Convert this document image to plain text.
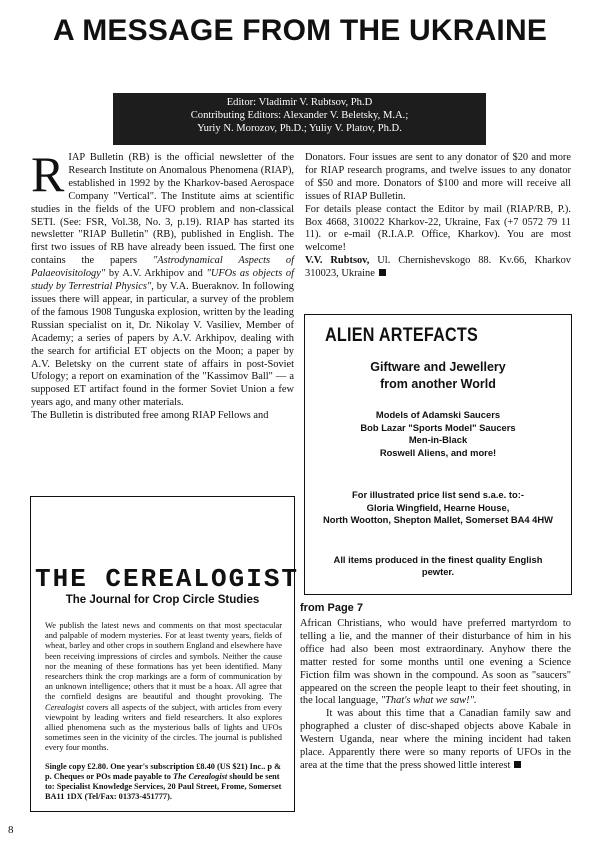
A MESSAGE FROM THE UKRAINE
Editor: Vladimir V. Rubtsov, Ph.D
Contributing Editors: Alexander V. Beletsky, M.A.;
Yuriy N. Morozov, Ph.D.; Yuliy V. Platov, Ph.D.

RIAP Bulletin (RB) is the official newsletter of the Research Institute on Anomalous Phenomena (RIAP), established in 1992 by the Kharkov-based Aerospace Company "Vertical". The Institute aims at scientific studies in the fields of the UFO problem and non-classical SETI. (See: FSR, Vol.38, No. 3, p.19). RIAP has started its newsletter "RIAP Bulletin" (RB), published in English. The first two issues of RB have already been issued. The first one contains the papers "Astrodynamical Aspects of Palaeovisitology" by A.V. Arkhipov and "UFOs as objects of study by Terrestrial Physics", by V.A. Bueraknov. In following issues there will appear, in particular, a survey of the problem of the famous 1908 Tunguska explosion, written by the leading Russian specialist on it, Dr. Nikolay V. Vasiliev, Member of Academy; a series of papers by A.V. Arkhipov, dealing with the search for artificial ET objects on the Moon; a paper by A.V. Beletsky on the current state of affairs in post-Soviet Ufology; a report on examination of the "Kassimov Ball" — a supposed ET artifact found in the former Soviet Union a few years ago, and many other materials.

The Bulletin is distributed free among RIAP Fellows and

Donators. Four issues are sent to any donator of $20 and more for RIAP research programs, and twelve issues to any donator of $50 and more. Donators of $100 and more will receive all issues of RIAP Bulletin.

For details please contact the Editor by mail (RIAP/RB, P.). Box 4668, 310022 Kharkov-22, Ukraine, Fax (+7 0572 79 11 11). or e-mail (R.I.A.P. Office, Kharkov). You are most welcome!

V.V. Rubtsov, Ul. Chernishevskogo 88. Kv.66, Kharkov 310023, Ukraine

ALIEN ARTEFACTS
Giftware and Jewellery
from another World
Models of Adamski Saucers
Bob Lazar "Sports Model" Saucers
Men-in-Black
Roswell Aliens, and more!
For illustrated price list send s.a.e. to:-
Gloria Wingfield, Hearne House,
North Wootton, Shepton Mallet, Somerset BA4 4HW
All items produced in the finest quality English
pewter.
THE CEREALOGIST
The Journal for Crop Circle Studies
We publish the latest news and comments on that most spectacular and palpable of modern mysteries. For at least twenty years, fields of wheat, barley and other crops in southern England and elsewhere have been receiving impressions of circles and symbols. Neither the cause nor the meaning of these formations has yet been identified. Many researchers think the crop markings are a form of communication by an unknown intelligence; others that it must be a hoax. All agree that the cornfield designs are beautiful and thought provoking. The Cerealogist covers all aspects of the subject, with articles from every viewpoint by leading writers and field researchers. It also explores allied phenomena such as the mysterious balls of lights and UFOs sometimes seen in the vicinity of the circles. The journal is published every four months.
Single copy £2.80. One year's subscription £8.40 (US $21) Inc.. p & p. Cheques or POs made payable to The Cerealogist should be sent to: Specialist Knowledge Services, 20 Paul Street, Frome, Somerset BA11 1DX (Tel/Fax: 01373-451777).
from Page 7

African Christians, who would have preferred martyrdom to telling a lie, and the manner of their disturbance of him in his office had also been most extraordinary. Anyhow there the matter rested for some months until one evening a Science Fiction film was shown in the compound. As soon as "saucers" appeared on the screen the people leapt to their feet shouting, in the local language, "That's what we saw!".

It was about this time that a Canadian family saw and phographed a cluster of disc-shaped objects above Kabale in Western Uganda, near where the mining incident had taken place. Apparently there were so many reports of UFOs in the area at the time that the press showed little interest

8
